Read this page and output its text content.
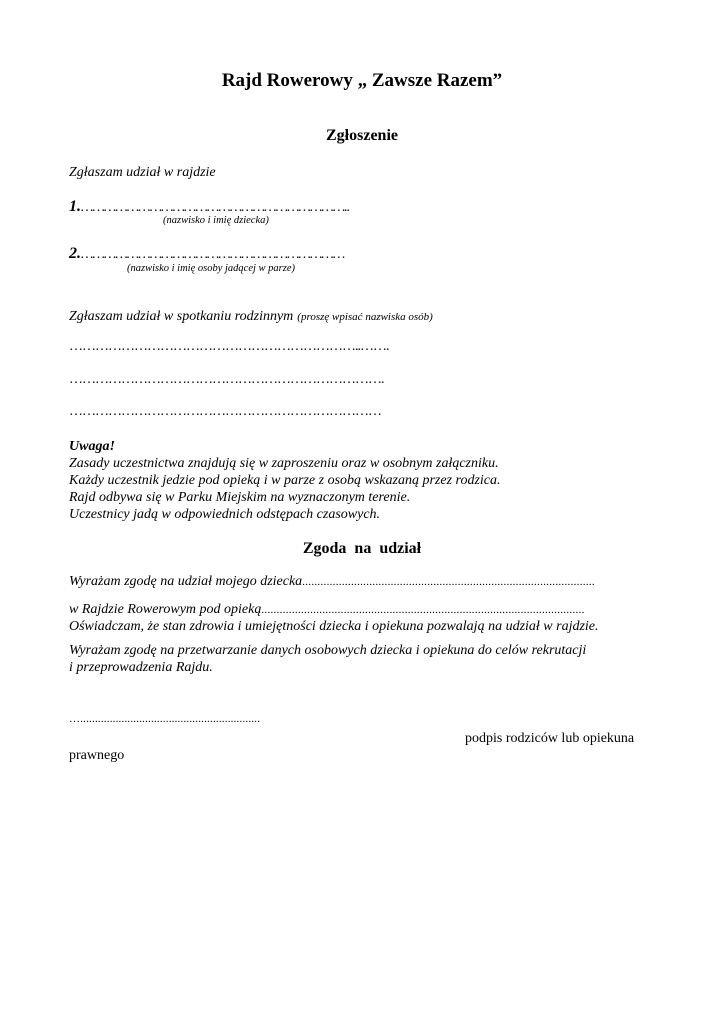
Rajd Rowerowy „ Zawsze Razem”
Zgłoszenie
Zgłaszam udział w rajdzie
1.……………………………………………………………..
(nazwisko i imię dziecka)
2.……………………………………………………………
(nazwisko i imię osoby jadącej w parze)
Zgłaszam udział w spotkaniu rodzinnym (proszę wpisać nazwiska osób)
…………………………………………………………..…….
……………………………………………………………….
………………………………………………………………
Uwaga!
Zasady uczestnictwa znajdują się w zaproszeniu oraz w osobnym załączniku.
Każdy uczestnik jedzie pod opieką i w parze z osobą wskazaną przez rodzica.
Rajd odbywa się w Parku Miejskim na wyznaczonym terenie.
Uczestnicy jadą w odpowiednich odstępach czasowych.
Zgoda  na  udział
Wyrażam zgodę na udział mojego dziecka................................................................................................
w Rajdzie Rowerowym pod opieką..........................................................................................................
Oświadczam, że stan zdrowia i umiejętności dziecka i opiekuna pozwalają na udział w rajdzie.
Wyrażam zgodę na przetwarzanie danych osobowych dziecka i opiekuna do celów rekrutacji
i przeprowadzenia Rajdu.
….............................................................
podpis rodziców lub opiekuna
prawnego
